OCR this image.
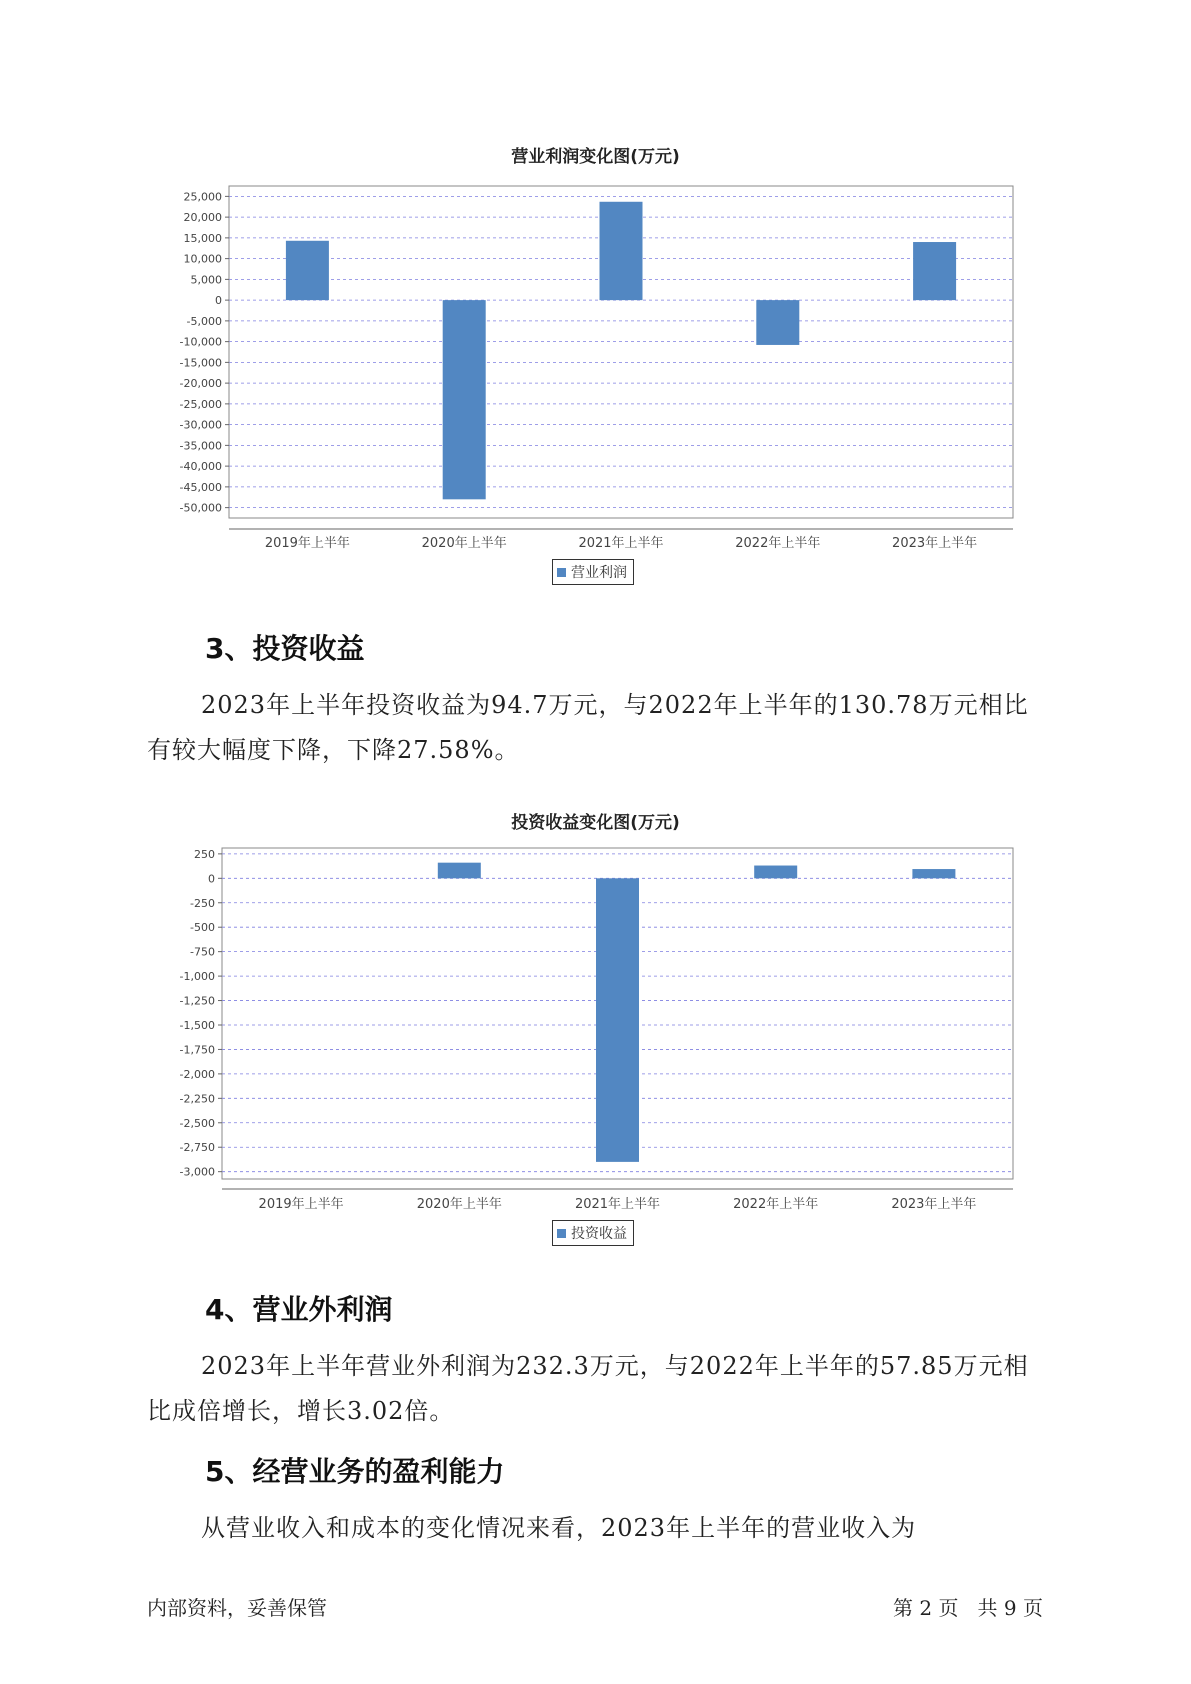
营业利润变化图(万元)
25,000
20,000
15,000
10,000
5,000
0
-5,000
-10,000
-15,000
-20,000
-25,000
-30,000
-35,000
-40,000
-45,000
-50,000
2019年上半年	2020年上半年	2021年上半年	2022年上半年	2023年上半年
营业利润
3、投资收益

2023年上半年投资收益为94.7万元，与2022年上半年的130.78万元相比有较大幅度下降，下降27.58%。

投资收益变化图(万元)
250
0
-250
-500
-750
-1,000
-1,250
-1,500
-1,750
-2,000
-2,250
-2,500
-2,750
-3,000
2019年上半年	2020年上半年	2021年上半年	2022年上半年	2023年上半年
投资收益
4、营业外利润

2023年上半年营业外利润为232.3万元，与2022年上半年的57.85万元相比成倍增长，增长3.02倍。

5、经营业务的盈利能力

从营业收入和成本的变化情况来看，2023年上半年的营业收入为

内部资料，妥善保管	第 2 页   共 9 页
